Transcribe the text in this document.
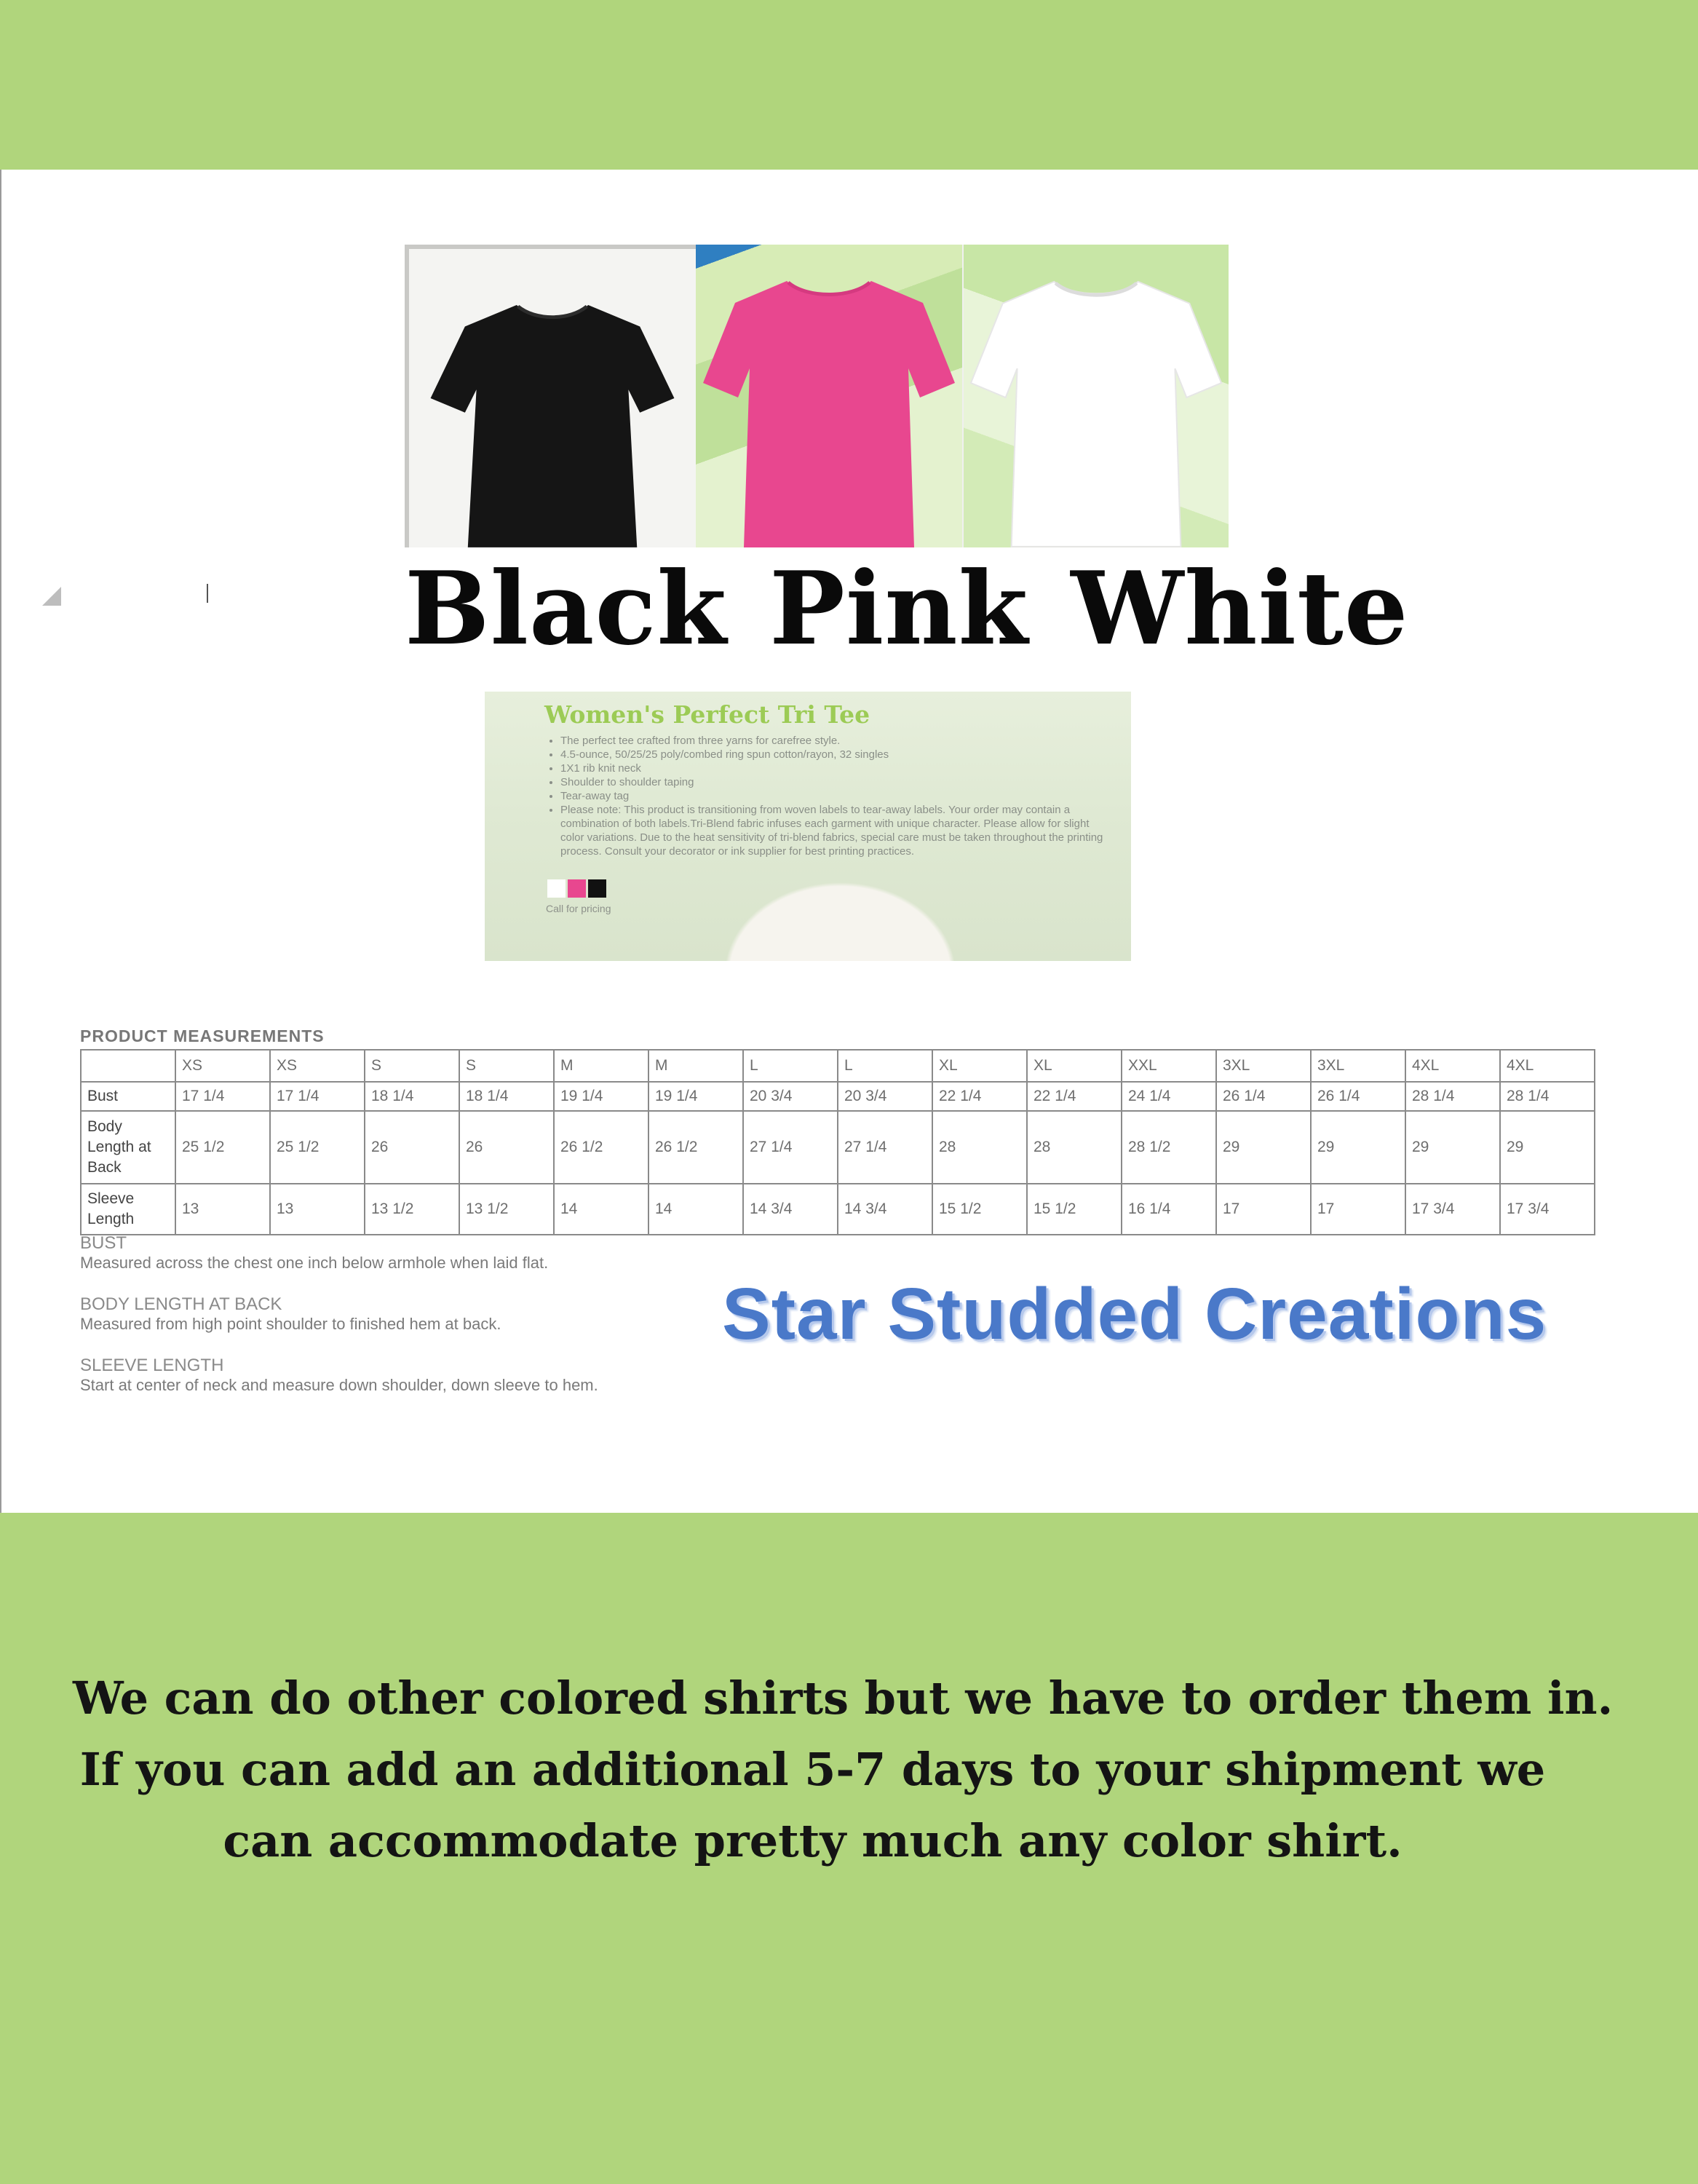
Black Pink White
Women's Perfect Tri Tee
• The perfect tee crafted from three yarns for carefree style.
• 4.5-ounce, 50/25/25 poly/combed ring spun cotton/rayon, 32 singles
• 1X1 rib knit neck
• Shoulder to shoulder taping
• Tear-away tag
• Please note: This product is transitioning from woven labels to tear-away labels. Your order may contain a combination of both labels.Tri-Blend fabric infuses each garment with unique character. Please allow for slight color variations. Due to the heat sensitivity of tri-blend fabrics, special care must be taken throughout the printing process. Consult your decorator or ink supplier for best printing practices.
Call for pricing
PRODUCT MEASUREMENTS
	XS	XS	S	S	M	M	L	L	XL	XL	XXL	3XL	3XL	4XL	4XL
Bust	17 1/4	17 1/4	18 1/4	18 1/4	19 1/4	19 1/4	20 3/4	20 3/4	22 1/4	22 1/4	24 1/4	26 1/4	26 1/4	28 1/4	28 1/4
Body Length at Back	25 1/2	25 1/2	26	26	26 1/2	26 1/2	27 1/4	27 1/4	28	28	28 1/2	29	29	29	29
Sleeve Length	13	13	13 1/2	13 1/2	14	14	14 3/4	14 3/4	15 1/2	15 1/2	16 1/4	17	17	17 3/4	17 3/4
BUST
Measured across the chest one inch below armhole when laid flat.
BODY LENGTH AT BACK
Measured from high point shoulder to finished hem at back.
SLEEVE LENGTH
Start at center of neck and measure down shoulder, down sleeve to hem.
Star Studded Creations
We can do other colored shirts but we have to order them in.
If you can add an additional 5-7 days to your shipment we
can accommodate pretty much any color shirt.
